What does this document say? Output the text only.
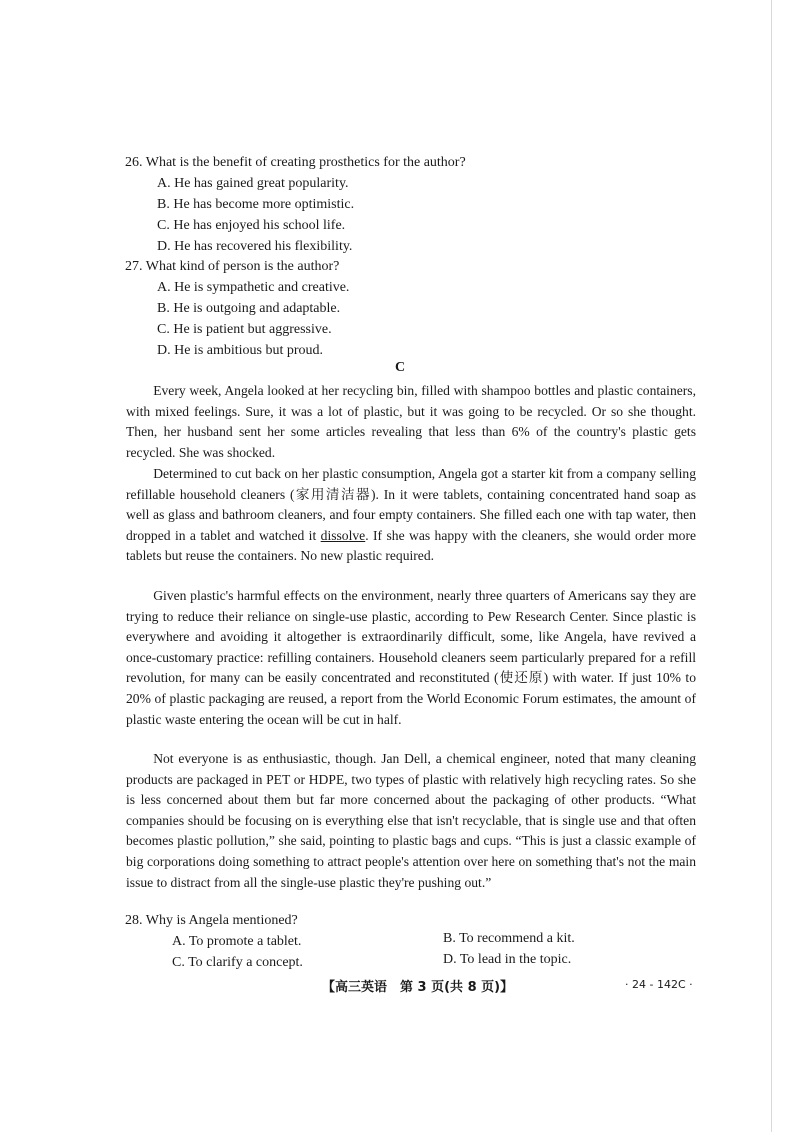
26. What is the benefit of creating prosthetics for the author?
A. He has gained great popularity.
B. He has become more optimistic.
C. He has enjoyed his school life.
D. He has recovered his flexibility.
27. What kind of person is the author?
A. He is sympathetic and creative.
B. He is outgoing and adaptable.
C. He is patient but aggressive.
D. He is ambitious but proud.
C

Every week, Angela looked at her recycling bin, filled with shampoo bottles and plastic containers, with mixed feelings. Sure, it was a lot of plastic, but it was going to be recycled. Or so she thought. Then, her husband sent her some articles revealing that less than 6% of the country's plastic gets recycled. She was shocked.

Determined to cut back on her plastic consumption, Angela got a starter kit from a company selling refillable household cleaners (家用清洁器). In it were tablets, containing concentrated hand soap as well as glass and bathroom cleaners, and four empty containers. She filled each one with tap water, then dropped in a tablet and watched it dissolve. If she was happy with the cleaners, she would order more tablets but reuse the containers. No new plastic required.

Given plastic's harmful effects on the environment, nearly three quarters of Americans say they are trying to reduce their reliance on single-use plastic, according to Pew Research Center. Since plastic is everywhere and avoiding it altogether is extraordinarily difficult, some, like Angela, have revived a once-customary practice: refilling containers. Household cleaners seem particularly prepared for a refill revolution, for many can be easily concentrated and reconstituted (使还原) with water. If just 10% to 20% of plastic packaging are reused, a report from the World Economic Forum estimates, the amount of plastic waste entering the ocean will be cut in half.

Not everyone is as enthusiastic, though. Jan Dell, a chemical engineer, noted that many cleaning products are packaged in PET or HDPE, two types of plastic with relatively high recycling rates. So she is less concerned about them but far more concerned about the packaging of other products. “What companies should be focusing on is everything else that isn't recyclable, that is single use and that often becomes plastic pollution,” she said, pointing to plastic bags and cups. “This is just a classic example of big corporations doing something to attract people's attention over here on something that's not the main issue to distract from all the single-use plastic they're pushing out.”

28. Why is Angela mentioned?
A. To promote a tablet.	B. To recommend a kit.
C. To clarify a concept.	D. To lead in the topic.
【高三英语　第 3 页(共 8 页)】	· 24 - 142C ·
